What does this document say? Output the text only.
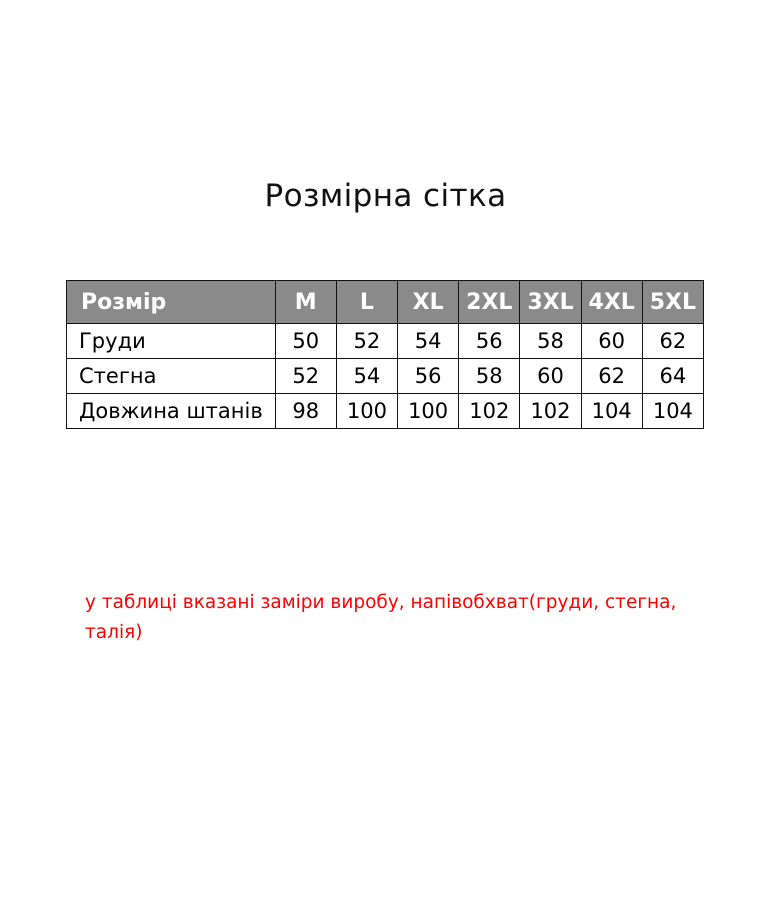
Розмірна сітка
Розмір	M	L	XL	2XL	3XL	4XL	5XL
Груди	50	52	54	56	58	60	62
Стегна	52	54	56	58	60	62	64
Довжина штанів	98	100	100	102	102	104	104
у таблиці вказані заміри виробу, напівобхват(груди, стегна, талія)
